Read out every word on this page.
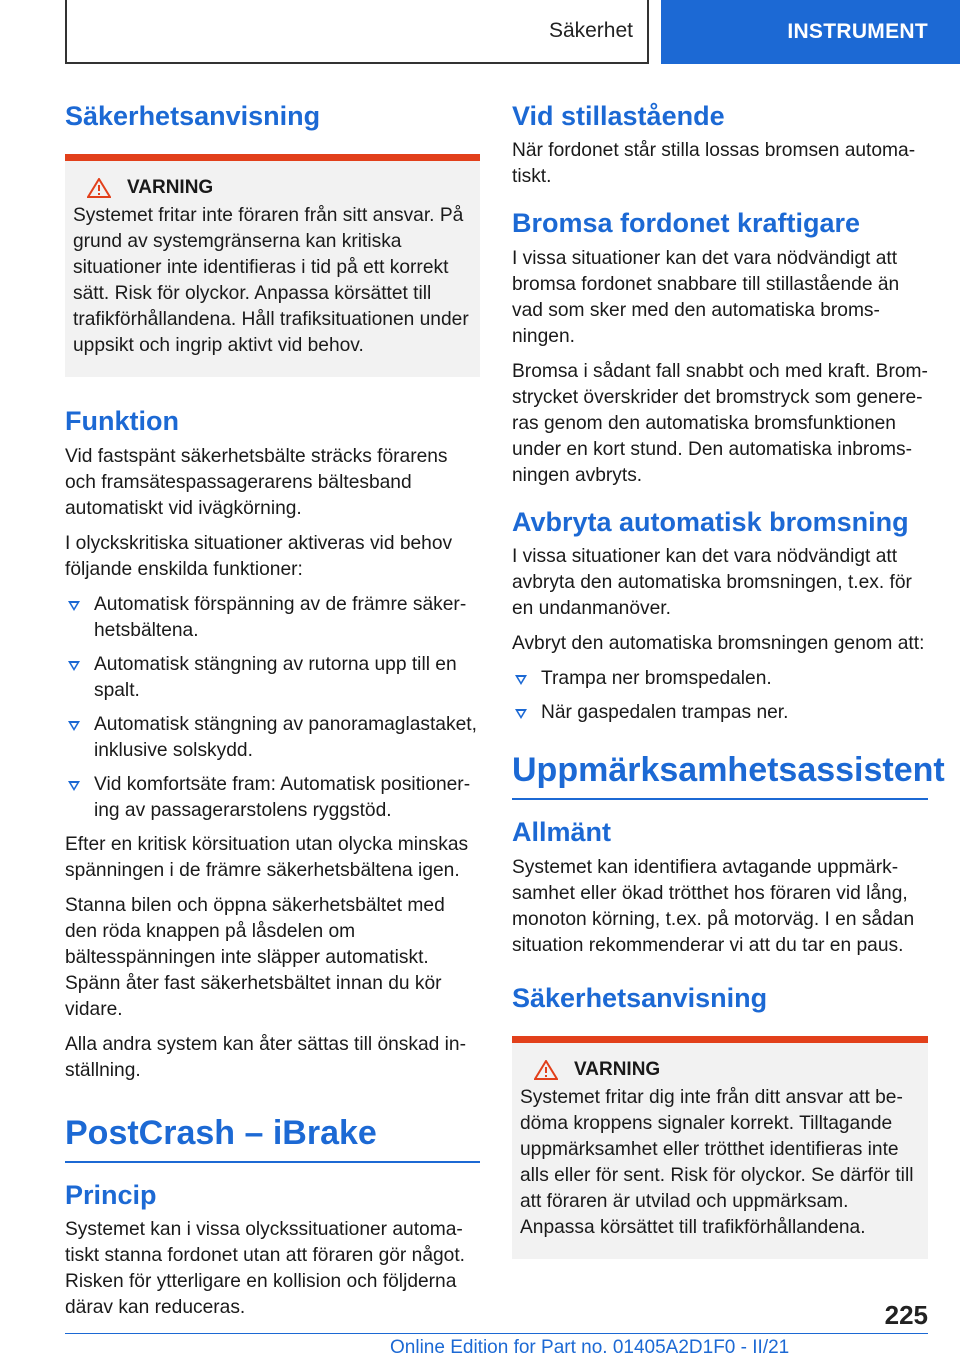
Säkerhet	INSTRUMENT
Säkerhetsanvisning
VARNING

Systemet fritar inte föraren från sitt ansvar. På grund av systemgränserna kan kritiska situationer inte identifieras i tid på ett korrekt sätt. Risk för olyckor. Anpassa körsättet till trafikförhållandena. Håll trafiksituationen under uppsikt och ingrip aktivt vid behov.

Funktion

Vid fastspänt säkerhetsbälte sträcks förarens och framsätespassagerarens bältesband automatiskt vid ivägkörning.

I olyckskritiska situationer aktiveras vid behov följande enskilda funktioner:

Automatisk förspänning av de främre säkerhetsbältena.
Automatisk stängning av rutorna upp till en spalt.
Automatisk stängning av panoramaglastaket, inklusive solskydd.
Vid komfortsäte fram: Automatisk positionering av passagerarstolens ryggstöd.

Efter en kritisk körsituation utan olycka minskas spänningen i de främre säkerhetsbältena igen.

Stanna bilen och öppna säkerhetsbältet med den röda knappen på låsdelen om bältesspänningen inte släpper automatiskt. Spänn åter fast säkerhetsbältet innan du kör vidare.

Alla andra system kan åter sättas till önskad inställning.

PostCrash – iBrake
Princip

Systemet kan i vissa olyckssituationer automatiskt stanna fordonet utan att föraren gör något. Risken för ytterligare en kollision och följderna därav kan reduceras.

Vid stillastående

När fordonet står stilla lossas bromsen automatiskt.

Bromsa fordonet kraftigare

I vissa situationer kan det vara nödvändigt att bromsa fordonet snabbare till stillastående än vad som sker med den automatiska bromsningen.

Bromsa i sådant fall snabbt och med kraft. Bromstrycket överskrider det bromstryck som genereras genom den automatiska bromsfunktionen under en kort stund. Den automatiska inbromsningen avbryts.

Avbryta automatisk bromsning

I vissa situationer kan det vara nödvändigt att avbryta den automatiska bromsningen, t.ex. för en undanmanöver.

Avbryt den automatiska bromsningen genom att:

Trampa ner bromspedalen.
När gaspedalen trampas ner.
Uppmärksamhetsassistent
Allmänt

Systemet kan identifiera avtagande uppmärksamhet eller ökad trötthet hos föraren vid lång, monoton körning, t.ex. på motorväg. I en sådan situation rekommenderar vi att du tar en paus.

Säkerhetsanvisning
VARNING

Systemet fritar dig inte från ditt ansvar att bedöma kroppens signaler korrekt. Tilltagande uppmärksamhet eller trötthet identifieras inte alls eller för sent. Risk för olyckor. Se därför till att föraren är utvilad och uppmärksam. Anpassa körsättet till trafikförhållandena.

225
Online Edition for Part no. 01405A2D1F0 - II/21
